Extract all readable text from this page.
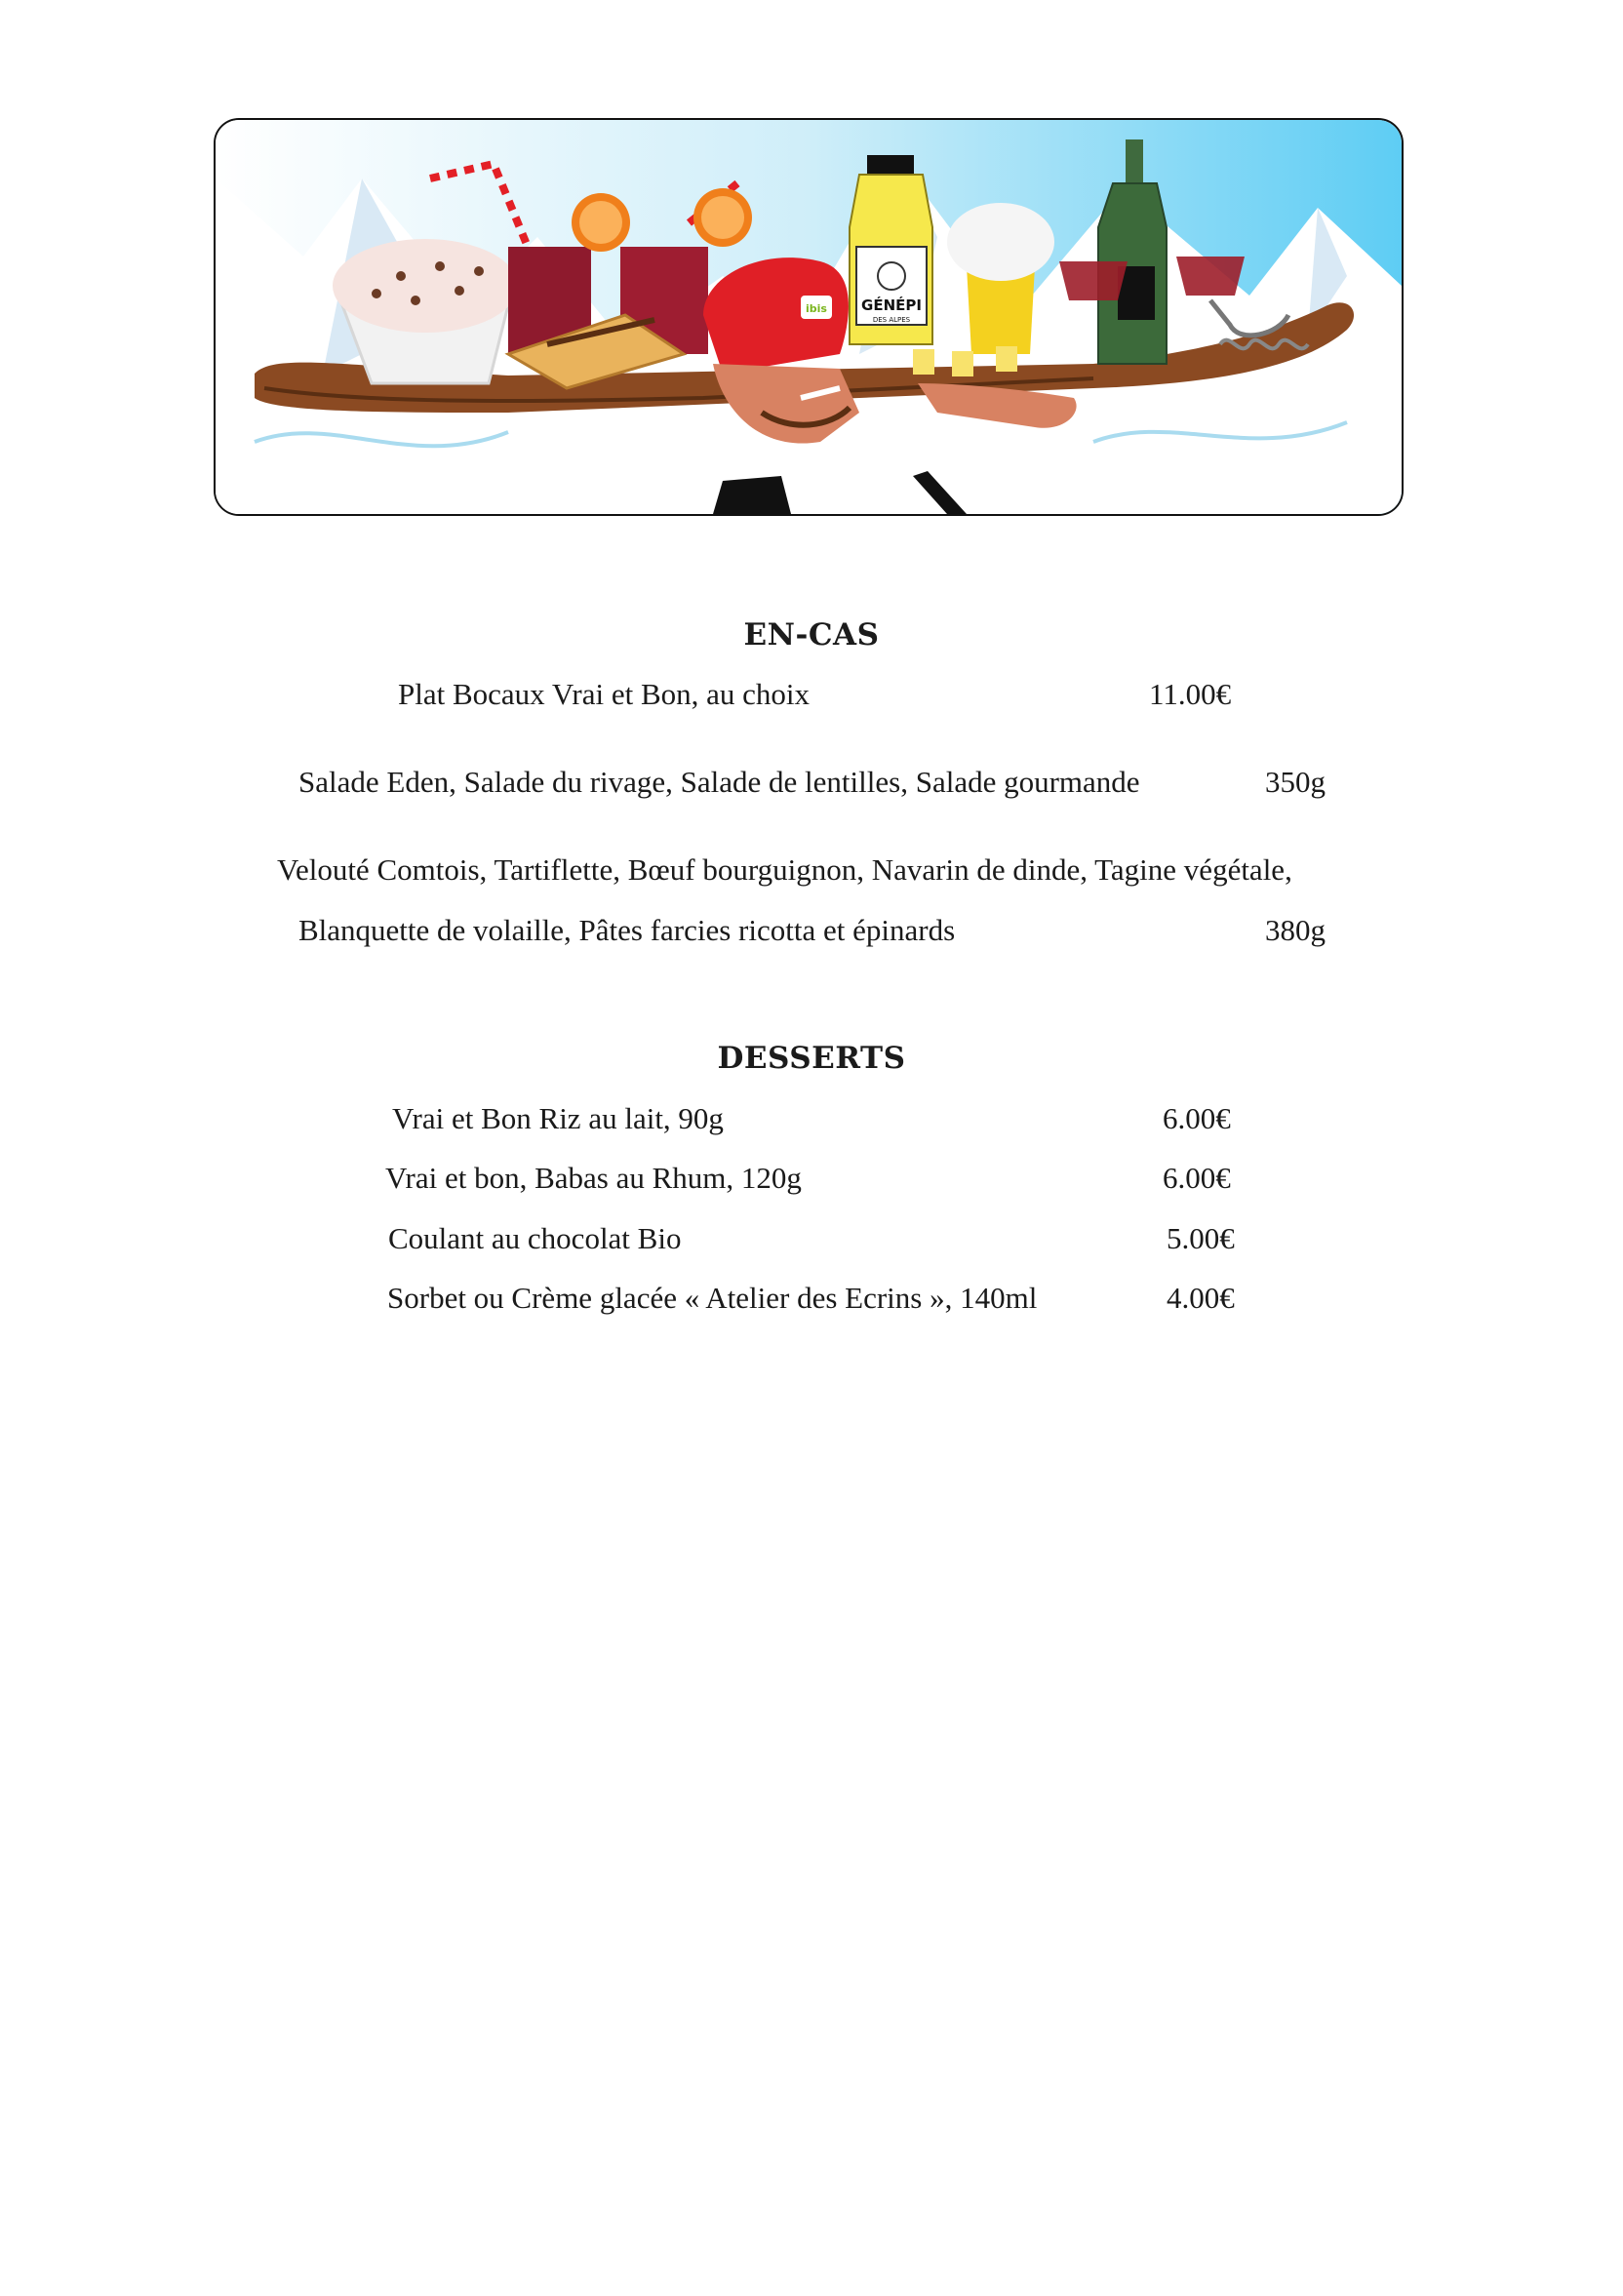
GÉNÉPI
DES ALPES
ibis
EN-CAS
Plat Bocaux Vrai et Bon, au choix	11.00€
Salade Eden, Salade du rivage, Salade de lentilles, Salade gourmande	350g
Velouté Comtois, Tartiflette, Bœuf bourguignon, Navarin de dinde, Tagine végétale,
Blanquette de volaille, Pâtes farcies ricotta et épinards	380g
DESSERTS
Vrai et Bon Riz au lait, 90g	6.00€
Vrai et bon, Babas au Rhum, 120g	6.00€
Coulant au chocolat Bio	5.00€
Sorbet ou Crème glacée « Atelier des Ecrins », 140ml	4.00€
